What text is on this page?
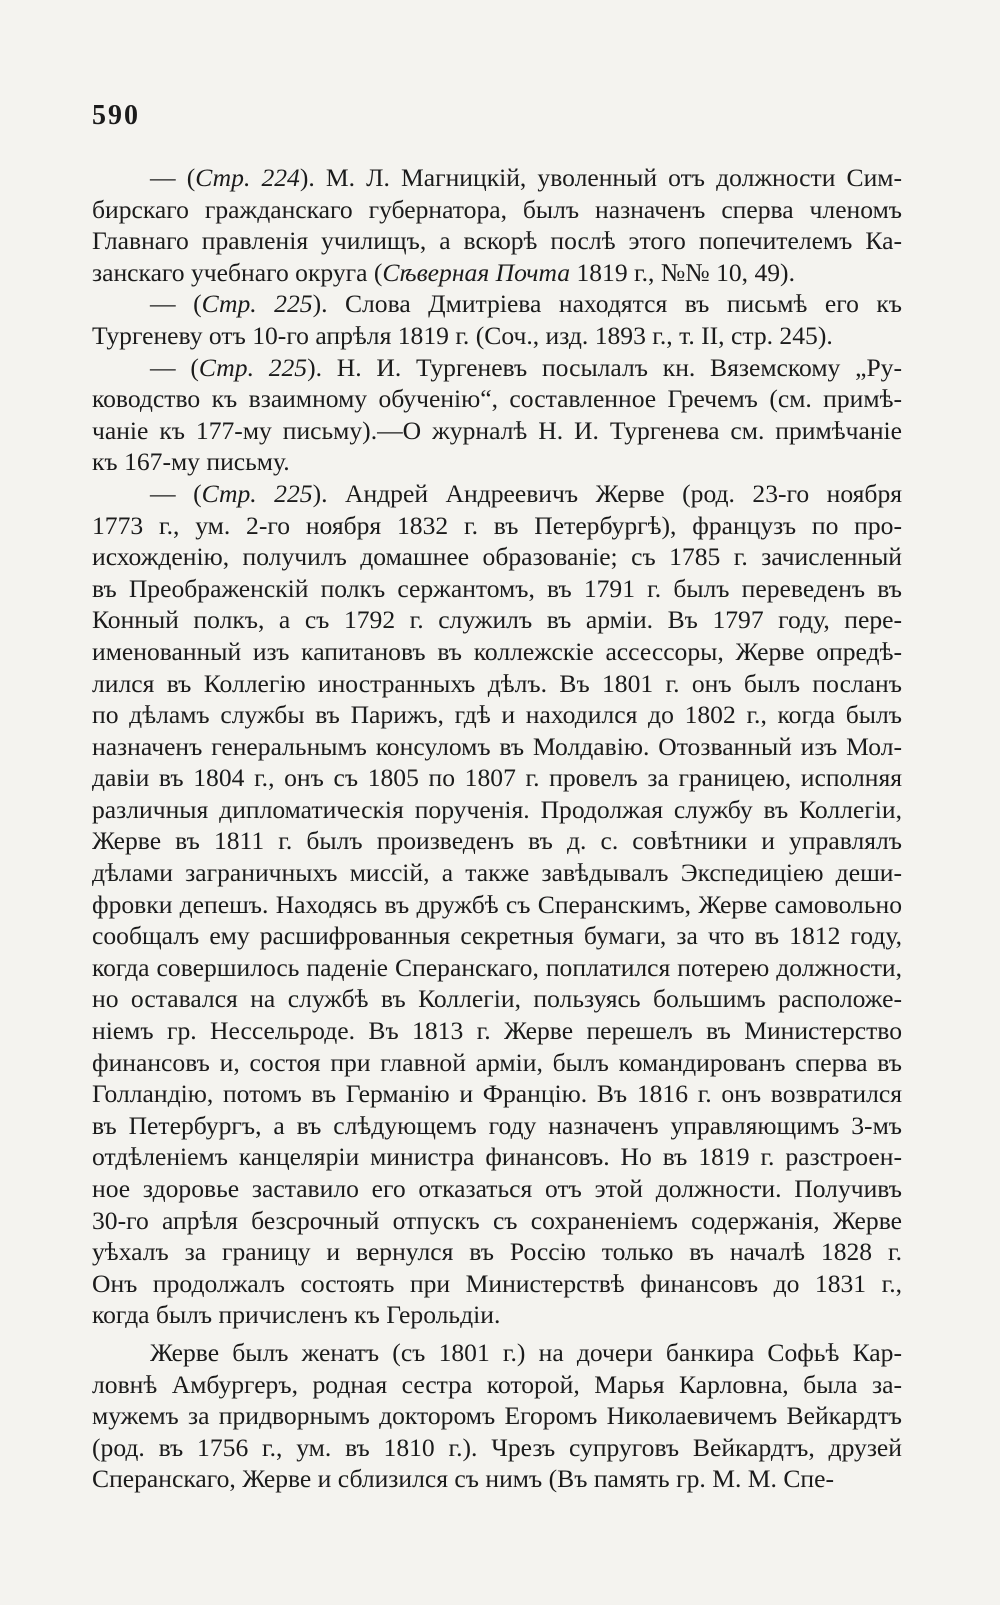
590
— (Стр. 224). М. Л. Магницкій, уволенный отъ должности Сим-
бирскаго гражданскаго губернатора, былъ назначенъ сперва членомъ
Главнаго правленія училищъ, а вскорѣ послѣ этого попечителемъ Ка-
занскаго учебнаго округа (Сѣверная Почта 1819 г., №№ 10, 49).
— (Стр. 225). Слова Дмитріева находятся въ письмѣ его къ
Тургеневу отъ 10-го апрѣля 1819 г. (Соч., изд. 1893 г., т. II, стр. 245).
— (Стр. 225). Н. И. Тургеневъ посылалъ кн. Вяземскому „Ру-
ководство къ взаимному обученію“, составленное Гречемъ (см. примѣ-
чаніе къ 177-му письму).—О журналѣ Н. И. Тургенева см. примѣчаніе
къ 167-му письму.
— (Стр. 225). Андрей Андреевичъ Жерве (род. 23-го ноября
1773 г., ум. 2-го ноября 1832 г. въ Петербургѣ), французъ по про-
исхожденію, получилъ домашнее образованіе; съ 1785 г. зачисленный
въ Преображенскій полкъ сержантомъ, въ 1791 г. былъ переведенъ въ
Конный полкъ, а съ 1792 г. служилъ въ арміи. Въ 1797 году, пере-
именованный изъ капитановъ въ коллежскіе ассессоры, Жерве опредѣ-
лился въ Коллегію иностранныхъ дѣлъ. Въ 1801 г. онъ былъ посланъ
по дѣламъ службы въ Парижъ, гдѣ и находился до 1802 г., когда былъ
назначенъ генеральнымъ консуломъ въ Молдавію. Отозванный изъ Мол-
давіи въ 1804 г., онъ съ 1805 по 1807 г. провелъ за границею, исполняя
различныя дипломатическія порученія. Продолжая службу въ Коллегіи,
Жерве въ 1811 г. былъ произведенъ въ д. с. совѣтники и управлялъ
дѣлами заграничныхъ миссій, а также завѣдывалъ Экспедиціею деши-
фровки депешъ. Находясь въ дружбѣ съ Сперанскимъ, Жерве самовольно
сообщалъ ему расшифрованныя секретныя бумаги, за что въ 1812 году,
когда совершилось паденіе Сперанскаго, поплатился потерею должности,
но оставался на службѣ въ Коллегіи, пользуясь большимъ расположе-
ніемъ гр. Нессельроде. Въ 1813 г. Жерве перешелъ въ Министерство
финансовъ и, состоя при главной арміи, былъ командированъ сперва въ
Голландію, потомъ въ Германію и Францію. Въ 1816 г. онъ возвратился
въ Петербургъ, а въ слѣдующемъ году назначенъ управляющимъ 3-мъ
отдѣленіемъ канцеляріи министра финансовъ. Но въ 1819 г. разстроен-
ное здоровье заставило его отказаться отъ этой должности. Получивъ
30-го апрѣля безсрочный отпускъ съ сохраненіемъ содержанія, Жерве
уѣхалъ за границу и вернулся въ Россію только въ началѣ 1828 г.
Онъ продолжалъ состоять при Министерствѣ финансовъ до 1831 г.,
когда былъ причисленъ къ Герольдіи.
Жерве былъ женатъ (съ 1801 г.) на дочери банкира Софьѣ Кар-
ловнѣ Амбургеръ, родная сестра которой, Марья Карловна, была за-
мужемъ за придворнымъ докторомъ Егоромъ Николаевичемъ Вейкардтъ
(род. въ 1756 г., ум. въ 1810 г.). Чрезъ супруговъ Вейкардтъ, друзей
Сперанскаго, Жерве и сблизился съ нимъ (Въ память гр. М. М. Спе-
